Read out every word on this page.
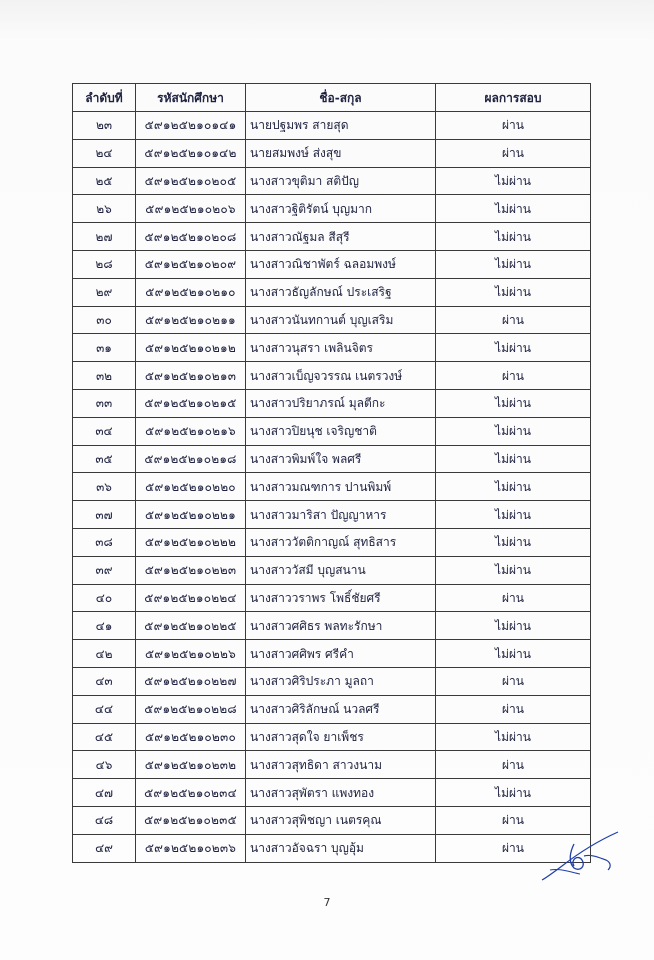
ลำดับที่	รหัสนักศึกษา	ชื่อ-สกุล	ผลการสอบ
๒๓	๕๙๑๒๕๒๑๐๑๔๑	นายปฐมพร สายสุด	ผ่าน
๒๔	๕๙๑๒๕๒๑๐๑๔๒	นายสมพงษ์ ส่งสุข	ผ่าน
๒๕	๕๙๑๒๕๒๑๐๒๐๕	นางสาวขุติมา สติปัญ	ไม่ผ่าน
๒๖	๕๙๑๒๕๒๑๐๒๐๖	นางสาวฐิติรัตน์ บุญมาก	ไม่ผ่าน
๒๗	๕๙๑๒๕๒๑๐๒๐๘	นางสาวณัฐมล สีสุรี	ไม่ผ่าน
๒๘	๕๙๑๒๕๒๑๐๒๐๙	นางสาวณิชาพัตร์ ฉลอมพงษ์	ไม่ผ่าน
๒๙	๕๙๑๒๕๒๑๐๒๑๐	นางสาวธัญลักษณ์ ประเสริฐ	ไม่ผ่าน
๓๐	๕๙๑๒๕๒๑๐๒๑๑	นางสาวนันทกานต์ บุญเสริม	ผ่าน
๓๑	๕๙๑๒๕๒๑๐๒๑๒	นางสาวนุสรา เพลินจิตร	ไม่ผ่าน
๓๒	๕๙๑๒๕๒๑๐๒๑๓	นางสาวเบ็ญจวรรณ เนตรวงษ์	ผ่าน
๓๓	๕๙๑๒๕๒๑๐๒๑๕	นางสาวปริยาภรณ์ มุลตีกะ	ไม่ผ่าน
๓๔	๕๙๑๒๕๒๑๐๒๑๖	นางสาวปิยนุช เจริญชาติ	ไม่ผ่าน
๓๕	๕๙๑๒๕๒๑๐๒๑๘	นางสาวพิมพ์ใจ พลศรี	ไม่ผ่าน
๓๖	๕๙๑๒๕๒๑๐๒๒๐	นางสาวมณฑการ ปานพิมพ์	ไม่ผ่าน
๓๗	๕๙๑๒๕๒๑๐๒๒๑	นางสาวมาริสา ปัญญาหาร	ไม่ผ่าน
๓๘	๕๙๑๒๕๒๑๐๒๒๒	นางสาววัตติกาญณ์ สุทธิสาร	ไม่ผ่าน
๓๙	๕๙๑๒๕๒๑๐๒๒๓	นางสาววัสมี บุญสนาน	ไม่ผ่าน
๔๐	๕๙๑๒๕๒๑๐๒๒๔	นางสาววราพร โพธิ์ชัยศรี	ผ่าน
๔๑	๕๙๑๒๕๒๑๐๒๒๕	นางสาวศศิธร พลทะรักษา	ไม่ผ่าน
๔๒	๕๙๑๒๕๒๑๐๒๒๖	นางสาวศศิพร ศรีคำ	ไม่ผ่าน
๔๓	๕๙๑๒๕๒๑๐๒๒๗	นางสาวศิริประภา มูลถา	ผ่าน
๔๔	๕๙๑๒๕๒๑๐๒๒๘	นางสาวศิริลักษณ์ นวลศรี	ผ่าน
๔๕	๕๙๑๒๕๒๑๐๒๓๐	นางสาวสุดใจ ยาเพ็ชร	ไม่ผ่าน
๔๖	๕๙๑๒๕๒๑๐๒๓๒	นางสาวสุทธิดา สาวงนาม	ผ่าน
๔๗	๕๙๑๒๕๒๑๐๒๓๔	นางสาวสุพัตรา แพงทอง	ไม่ผ่าน
๔๘	๕๙๑๒๕๒๑๐๒๓๕	นางสาวสุพิชญา เนตรคุณ	ผ่าน
๔๙	๕๙๑๒๕๒๑๐๒๓๖	นางสาวอัจฉรา บุญอุ้ม	ผ่าน
7
